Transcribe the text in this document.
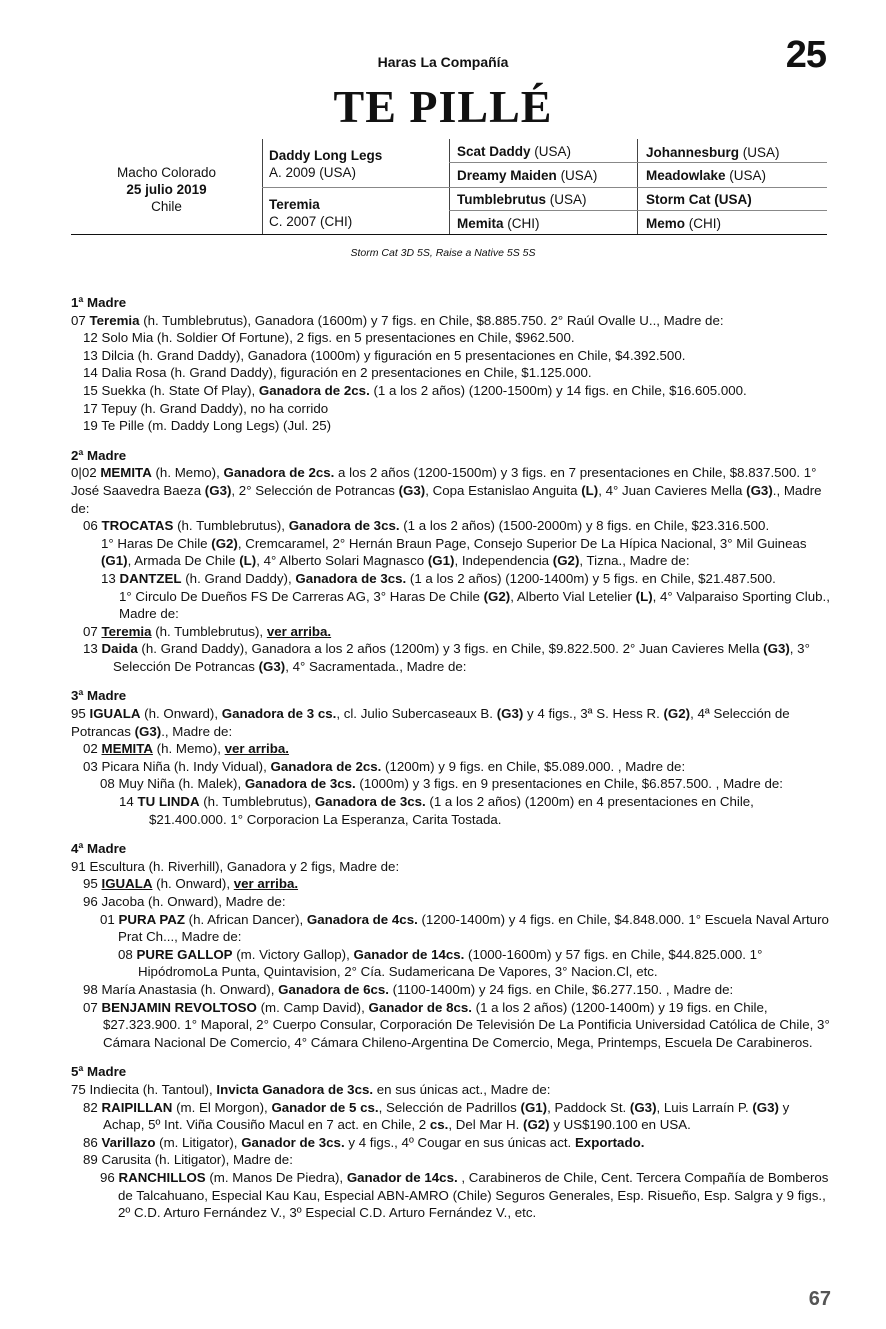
Haras La Compañía	25
TE PILLÉ
Macho Colorado
25 julio 2019
Chile
Daddy Long Legs
A. 2009 (USA)
Teremia
C. 2007 (CHI)
Scat Daddy (USA)
Dreamy Maiden (USA)
Tumblebrutus (USA)
Memita (CHI)
Johannesburg (USA)
Meadowlake (USA)
Storm Cat (USA)
Memo (CHI)
Storm Cat 3D 5S, Raise a Native 5S 5S
1ª Madre
07 Teremia (h. Tumblebrutus), Ganadora (1600m) y 7 figs. en Chile, $8.885.750. 2° Raúl Ovalle U.., Madre de:
12 Solo Mia (h. Soldier Of Fortune), 2 figs. en 5 presentaciones en Chile, $962.500.
13 Dilcia (h. Grand Daddy), Ganadora (1000m) y figuración en 5 presentaciones en Chile, $4.392.500.
14 Dalia Rosa (h. Grand Daddy), figuración en 2 presentaciones en Chile, $1.125.000.
15 Suekka (h. State Of Play), Ganadora de 2cs. (1 a los 2 años) (1200-1500m) y 14 figs. en Chile, $16.605.000.
17 Tepuy (h. Grand Daddy), no ha corrido
19 Te Pille (m. Daddy Long Legs) (Jul. 25)
2ª Madre
0|02 MEMITA (h. Memo), Ganadora de 2cs. a los 2 años (1200-1500m) y 3 figs. en 7 presentaciones en Chile, $8.837.500. 1° José Saavedra Baeza (G3), 2° Selección de Potrancas (G3), Copa Estanislao Anguita (L), 4° Juan Cavieres Mella (G3)., Madre de:
06 TROCATAS (h. Tumblebrutus), Ganadora de 3cs. (1 a los 2 años) (1500-2000m) y 8 figs. en Chile, $23.316.500.
1° Haras De Chile (G2), Cremcaramel, 2° Hernán Braun Page, Consejo Superior De La Hípica Nacional, 3° Mil Guineas (G1), Armada De Chile (L), 4° Alberto Solari Magnasco (G1), Independencia (G2), Tizna., Madre de:
13 DANTZEL (h. Grand Daddy), Ganadora de 3cs. (1 a los 2 años) (1200-1400m) y 5 figs. en Chile, $21.487.500.
1° Circulo De Dueños FS De Carreras AG, 3° Haras De Chile (G2), Alberto Vial Letelier (L), 4° Valparaiso Sporting Club., Madre de:
07 Teremia (h. Tumblebrutus), ver arriba.
13 Daida (h. Grand Daddy), Ganadora a los 2 años (1200m) y 3 figs. en Chile, $9.822.500. 2° Juan Cavieres Mella (G3), 3° Selección De Potrancas (G3), 4° Sacramentada., Madre de:
3ª Madre
95 IGUALA (h. Onward), Ganadora de 3 cs., cl. Julio Subercaseaux B. (G3) y 4 figs., 3ª S. Hess R. (G2), 4ª Selección de Potrancas (G3)., Madre de:
02 MEMITA (h. Memo), ver arriba.
03 Picara Niña (h. Indy Vidual), Ganadora de 2cs. (1200m) y 9 figs. en Chile, $5.089.000. , Madre de:
08 Muy Niña (h. Malek), Ganadora de 3cs. (1000m) y 3 figs. en 9 presentaciones en Chile, $6.857.500. , Madre de:
14 TU LINDA (h. Tumblebrutus), Ganadora de 3cs. (1 a los 2 años) (1200m) en 4 presentaciones en Chile, $21.400.000. 1° Corporacion La Esperanza, Carita Tostada.
4ª Madre
91 Escultura (h. Riverhill), Ganadora y 2 figs, Madre de:
95 IGUALA (h. Onward), ver arriba.
96 Jacoba (h. Onward), Madre de:
01 PURA PAZ (h. African Dancer), Ganadora de 4cs. (1200-1400m) y 4 figs. en Chile, $4.848.000. 1° Escuela Naval Arturo Prat Ch..., Madre de:
08 PURE GALLOP (m. Victory Gallop), Ganador de 14cs. (1000-1600m) y 57 figs. en Chile, $44.825.000. 1° HipódromoLa Punta, Quintavision, 2° Cía. Sudamericana De Vapores, 3° Nacion.Cl, etc.
98 María Anastasia (h. Onward), Ganadora de 6cs. (1100-1400m) y 24 figs. en Chile, $6.277.150. , Madre de:
07 BENJAMIN REVOLTOSO (m. Camp David), Ganador de 8cs. (1 a los 2 años) (1200-1400m) y 19 figs. en Chile, $27.323.900. 1° Maporal, 2° Cuerpo Consular, Corporación De Televisión De La Pontificia Universidad Católica de Chile, 3° Cámara Nacional De Comercio, 4° Cámara Chileno-Argentina De Comercio, Mega, Printemps, Escuela De Carabineros.
5ª Madre
75 Indiecita (h. Tantoul), Invicta Ganadora de 3cs. en sus únicas act., Madre de:
82 RAIPILLAN (m. El Morgon), Ganador de 5 cs., Selección de Padrillos (G1), Paddock St. (G3), Luis Larraín P. (G3) y Achap, 5º Int. Viña Cousiño Macul en 7 act. en Chile, 2 cs., Del Mar H. (G2) y US$190.100 en USA.
86 Varillazo (m. Litigator), Ganador de 3cs. y 4 figs., 4º Cougar en sus únicas act. Exportado.
89 Carusita (h. Litigator), Madre de:
96 RANCHILLOS (m. Manos De Piedra), Ganador de 14cs. , Carabineros de Chile, Cent. Tercera Compañía de Bomberos de Talcahuano, Especial Kau Kau, Especial ABN-AMRO (Chile) Seguros Generales, Esp. Risueño, Esp. Salgra y 9 figs., 2º C.D. Arturo Fernández V., 3º Especial C.D. Arturo Fernández V., etc.
67
